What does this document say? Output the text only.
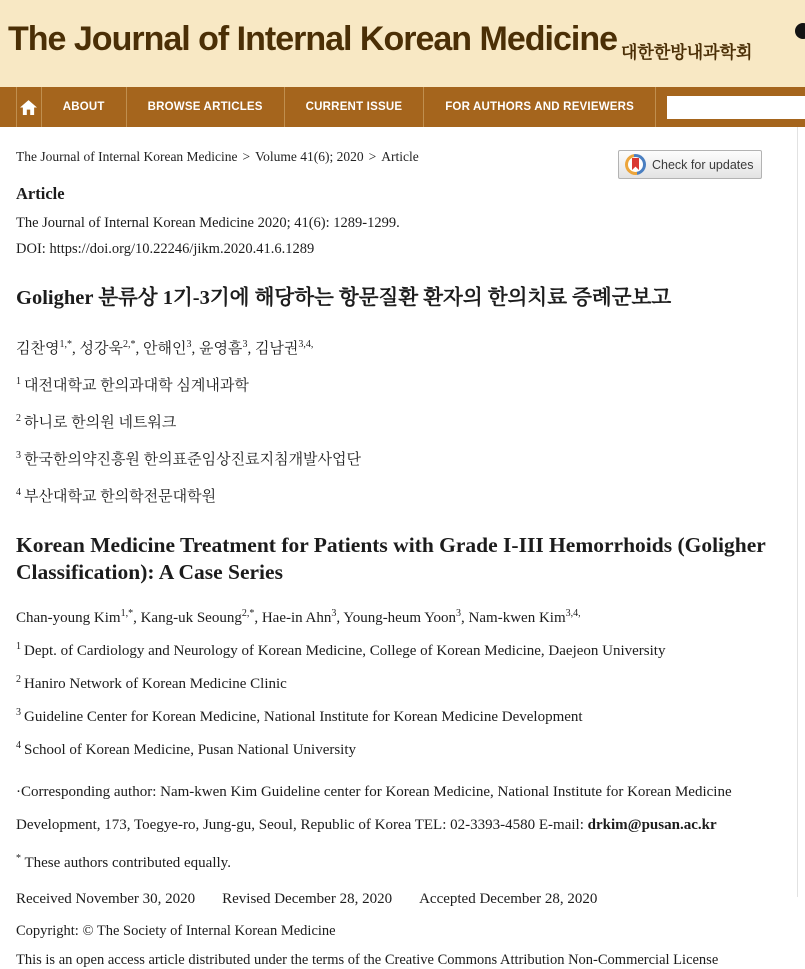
The Journal of Internal Korean Medicine 대한한방내과학회
ABOUT	BROWSE ARTICLES	CURRENT ISSUE	FOR AUTHORS AND REVIEWERS
The Journal of Internal Korean Medicine > Volume 41(6); 2020 > Article
Check for updates
Article

The Journal of Internal Korean Medicine 2020; 41(6): 1289-1299.

DOI: https://doi.org/10.22246/jikm.2020.41.6.1289

Goligher 분류상 1기-3기에 해당하는 항문질환 환자의 한의치료 증례군보고

김찬영$^{1,*}$, 성강욱$^{2,*}$, 안해인$^3$, 윤영흠$^3$, 김남권$^{3,4,}$

$^1$ 대전대학교 한의과대학 심계내과학

$^2$ 하니로 한의원 네트워크

$^3$ 한국한의약진흥원 한의표준임상진료지침개발사업단

$^4$ 부산대학교 한의학전문대학원

Korean Medicine Treatment for Patients with Grade I-III Hemorrhoids (Goligher Classification): A Case Series

Chan-young Kim$^{1,*}$, Kang-uk Seoung$^{2,*}$, Hae-in Ahn$^3$, Young-heum Yoon$^3$, Nam-kwen Kim$^{3,4,}$

$^1$ Dept. of Cardiology and Neurology of Korean Medicine, College of Korean Medicine, Daejeon University

$^2$ Haniro Network of Korean Medicine Clinic

$^3$ Guideline Center for Korean Medicine, National Institute for Korean Medicine Development

$^4$ School of Korean Medicine, Pusan National University

·Corresponding author: Nam-kwen Kim Guideline center for Korean Medicine, National Institute for Korean Medicine Development, 173, Toegye-ro, Jung-gu, Seoul, Republic of Korea TEL: 02-3393-4580 E-mail: drkim@pusan.ac.kr

* These authors contributed equally.

Received November 30, 2020 Revised December 28, 2020 Accepted December 28, 2020

Copyright: © The Society of Internal Korean Medicine

This is an open access article distributed under the terms of the Creative Commons Attribution Non-Commercial License
